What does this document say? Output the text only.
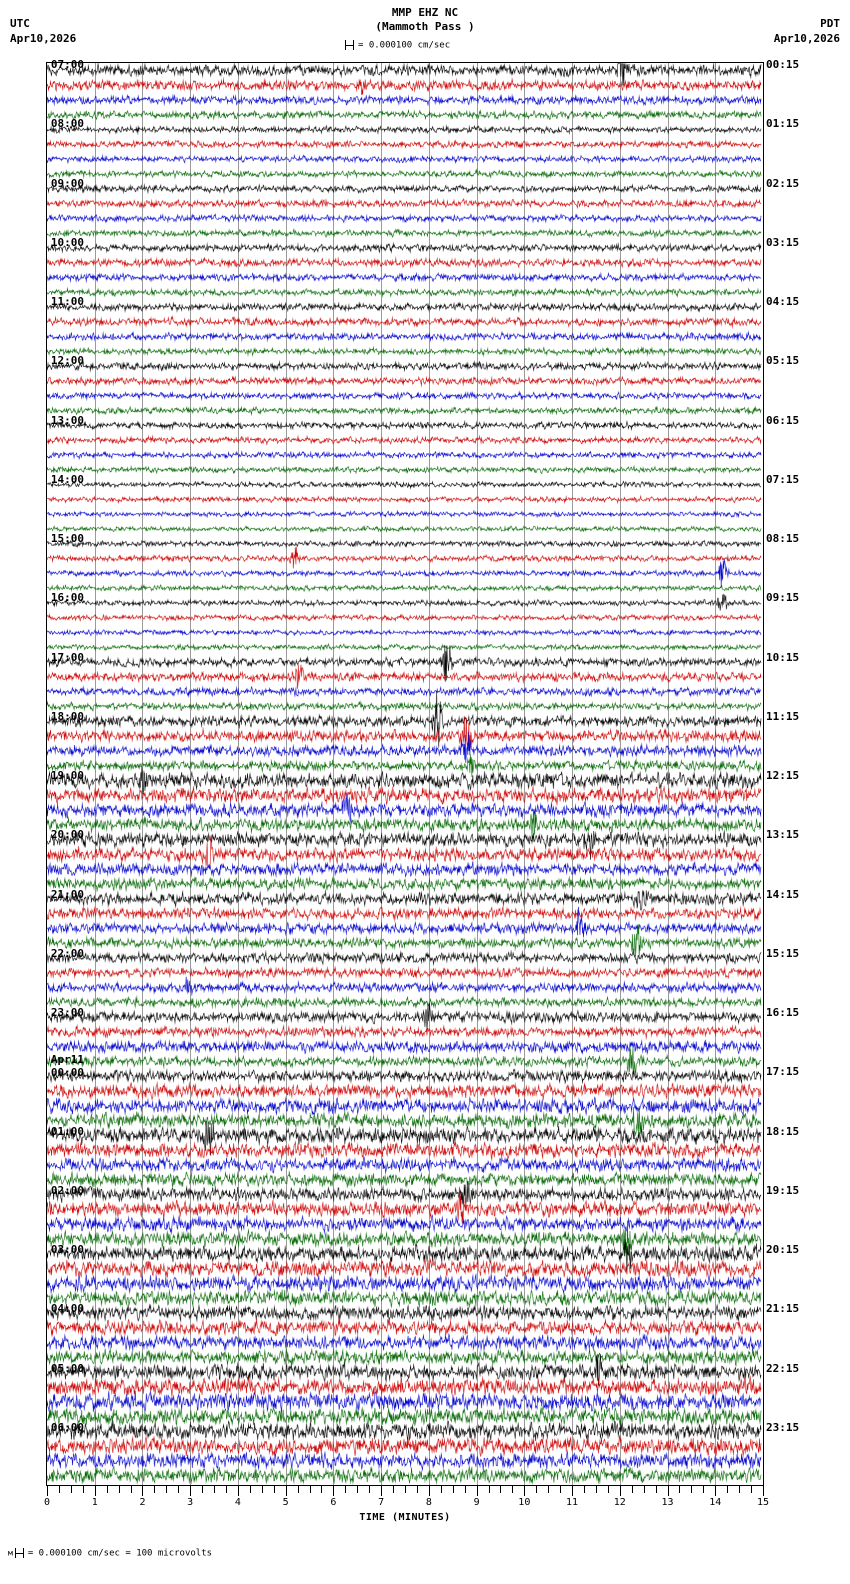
UTC
Apr10,2026
MMP EHZ NC
(Mammoth Pass )	PDT
Apr10,2026
= 0.000100 cm/sec
07:00
08:00
09:00
10:00
11:00
12:00
13:00
14:00
15:00
16:00
17:00
18:00
19:00
20:00
21:00
22:00
23:00
Apr11
00:00
01:00
02:00
03:00
04:00
05:00
06:00
00:15
01:15
02:15
03:15
04:15
05:15
06:15
07:15
08:15
09:15
10:15
11:15
12:15
13:15
14:15
15:15
16:15
17:15
18:15
19:15
20:15
21:15
22:15
23:15
TIME (MINUTES)
0	1	2	3	4	5	6	7	8	9	10	11	12	13	14	15
м = 0.000100 cm/sec = 100 microvolts
